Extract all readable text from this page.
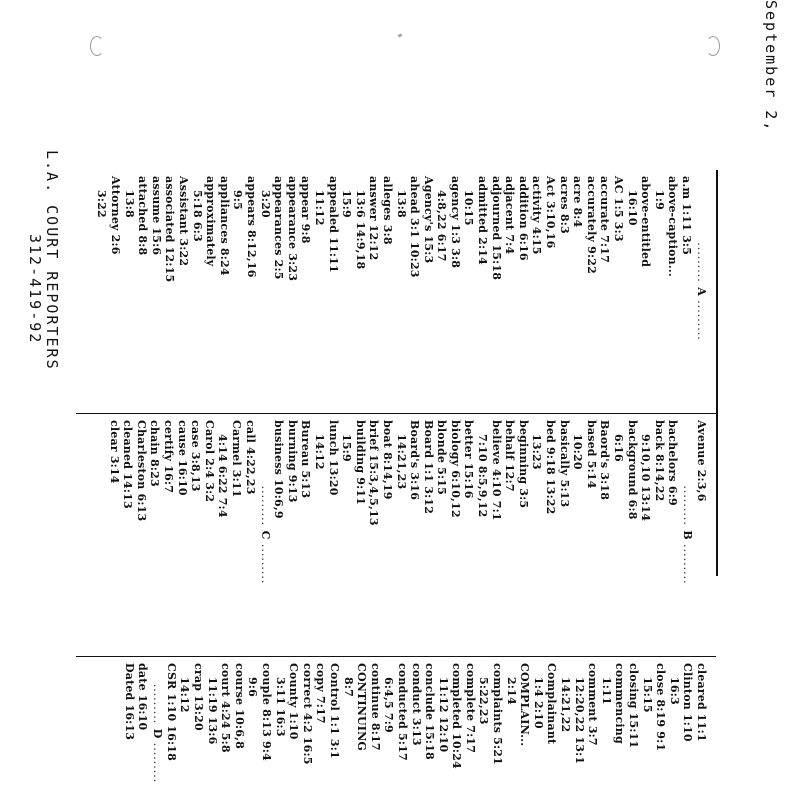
September 2,
......... A .........
a.m 1:11 3:5
above-caption...
1:9
above-entitled
16:10
AC 1:5 3:3
accurate 7:17
accurately 9:22
acre 8:4
acres 8:3
Act 3:10,16
activity 4:15
addition 6:16
adjacent 7:4
adjourned 15:18
admitted 2:14
10:15
agency 1:3 3:8
4:8,22 6:17
Agency's 15:3
ahead 3:1 10:23
13:8
alleges 3:8
answer 12:12
13:6 14:9,18
15:9
appealed 11:11
11:12
appear 9:8
appearance 3:23
appearances 2:5
3:20
appears 8:12,16
9:5
appliances 8:24
approximately
5:18 6:3
Assistant 3:22
associated 12:15
assume 15:6
attached 8:8
13:8
Attorney 2:6
3:22
Avenue 2:3,6
......... B .........
bachelors 6:9
back 8:14,22
9:10,10 13:14
background 6:8
6:16
Baord's 3:18
based 5:14
10:20
basically 5:13
bed 9:18 13:22
13:23
beginning 3:5
behalf 12:7
believe 4:10 7:1
7:10 8:5,9,12
better 15:16
biology 6:10,12
blonde 5:15
Board 1:1 3:12
Board's 3:16
14:21,23
boat 8:14,19
brief 15:3,4,5,13
building 9:11
15:9
lunch 13:20
14:12
Bureau 5:13
burning 9:13
business 10:6,9
......... C .........
call 4:22,23
Carmel 3:11
4:14 6:22 7:4
Carol 2:4 3:2
case 3:8,13
cause 16:10
certify 16:7
chain 8:23
Charleston 6:13
cleaned 14:13
clear 3:14
cleared 11:1
Clinton 1:10
16:3
close 8:19 9:1
15:15
closing 15:11
commencing
1:11
comment 3:7
12:20,22 13:1
14:21,22
Complainant
1:4 2:10
COMPLAIN...
2:14
complaints 5:21
5:22,23
complete 7:17
completed 10:24
11:12 12:10
conclude 15:18
conduct 3:13
conducted 5:17
6:4,5 7:9
continue 8:17
CONTINUING
8:7
Control 1:1 3:1
copy 7:17
correct 4:2 16:5
County 1:10
3:11 16:3
couple 8:13 9:4
9:6
course 10:6,8
court 4:24 5:8
11:19 13:6
crap 13:20
14:12
CSR 1:10 16:18
......... D .........
date 16:10
Dated 16:13
L.A. COURT REPORTERS
312-419-92
